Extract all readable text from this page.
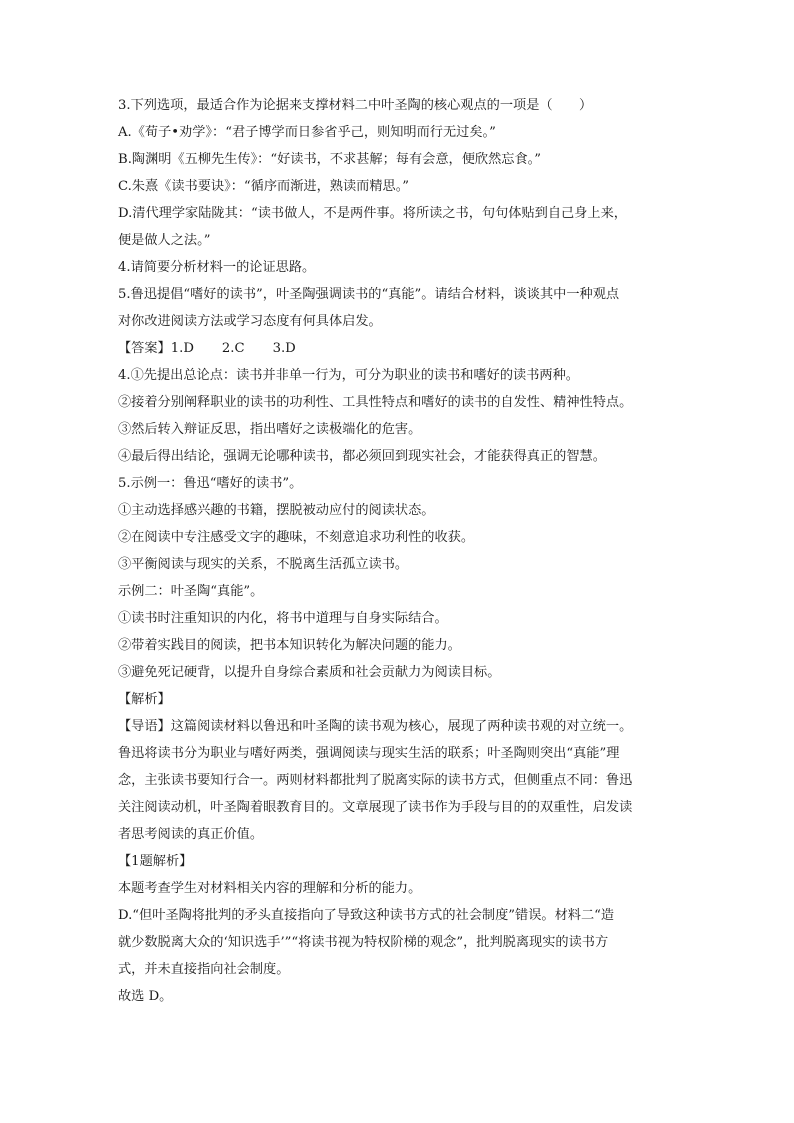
3.下列选项，最适合作为论据来支撑材料二中叶圣陶的核心观点的一项是（　　）
A.《荀子•劝学》：“君子博学而日参省乎己，则知明而行无过矣。”
B.陶渊明《五柳先生传》：“好读书，不求甚解；每有会意，便欣然忘食。”
C.朱熹《读书要诀》：“循序而渐进，熟读而精思。”
D.清代理学家陆陇其：“读书做人，不是两件事。将所读之书，句句体贴到自己身上来，
便是做人之法。”
4.请简要分析材料一的论证思路。
5.鲁迅提倡“嗜好的读书”，叶圣陶强调读书的“真能”。请结合材料，谈谈其中一种观点
对你改进阅读方法或学习态度有何具体启发。
【答案】1.D 2.C 3.D
4.①先提出总论点：读书并非单一行为，可分为职业的读书和嗜好的读书两种。
②接着分别阐释职业的读书的功利性、工具性特点和嗜好的读书的自发性、精神性特点。
③然后转入辩证反思，指出嗜好之读极端化的危害。
④最后得出结论，强调无论哪种读书，都必须回到现实社会，才能获得真正的智慧。
5.示例一：鲁迅“嗜好的读书”。
①主动选择感兴趣的书籍，摆脱被动应付的阅读状态。
②在阅读中专注感受文字的趣味，不刻意追求功利性的收获。
③平衡阅读与现实的关系，不脱离生活孤立读书。
示例二：叶圣陶“真能”。
①读书时注重知识的内化，将书中道理与自身实际结合。
②带着实践目的阅读，把书本知识转化为解决问题的能力。
③避免死记硬背，以提升自身综合素质和社会贡献力为阅读目标。
【解析】
【导语】这篇阅读材料以鲁迅和叶圣陶的读书观为核心，展现了两种读书观的对立统一。
鲁迅将读书分为职业与嗜好两类，强调阅读与现实生活的联系；叶圣陶则突出“真能”理
念，主张读书要知行合一。两则材料都批判了脱离实际的读书方式，但侧重点不同：鲁迅
关注阅读动机，叶圣陶着眼教育目的。文章展现了读书作为手段与目的的双重性，启发读
者思考阅读的真正价值。
【1题解析】
本题考查学生对材料相关内容的理解和分析的能力。
D.“但叶圣陶将批判的矛头直接指向了导致这种读书方式的社会制度”错误。材料二“造
就少数脱离大众的‘知识选手’”“将读书视为特权阶梯的观念”，批判脱离现实的读书方
式，并未直接指向社会制度。
故选 D。
